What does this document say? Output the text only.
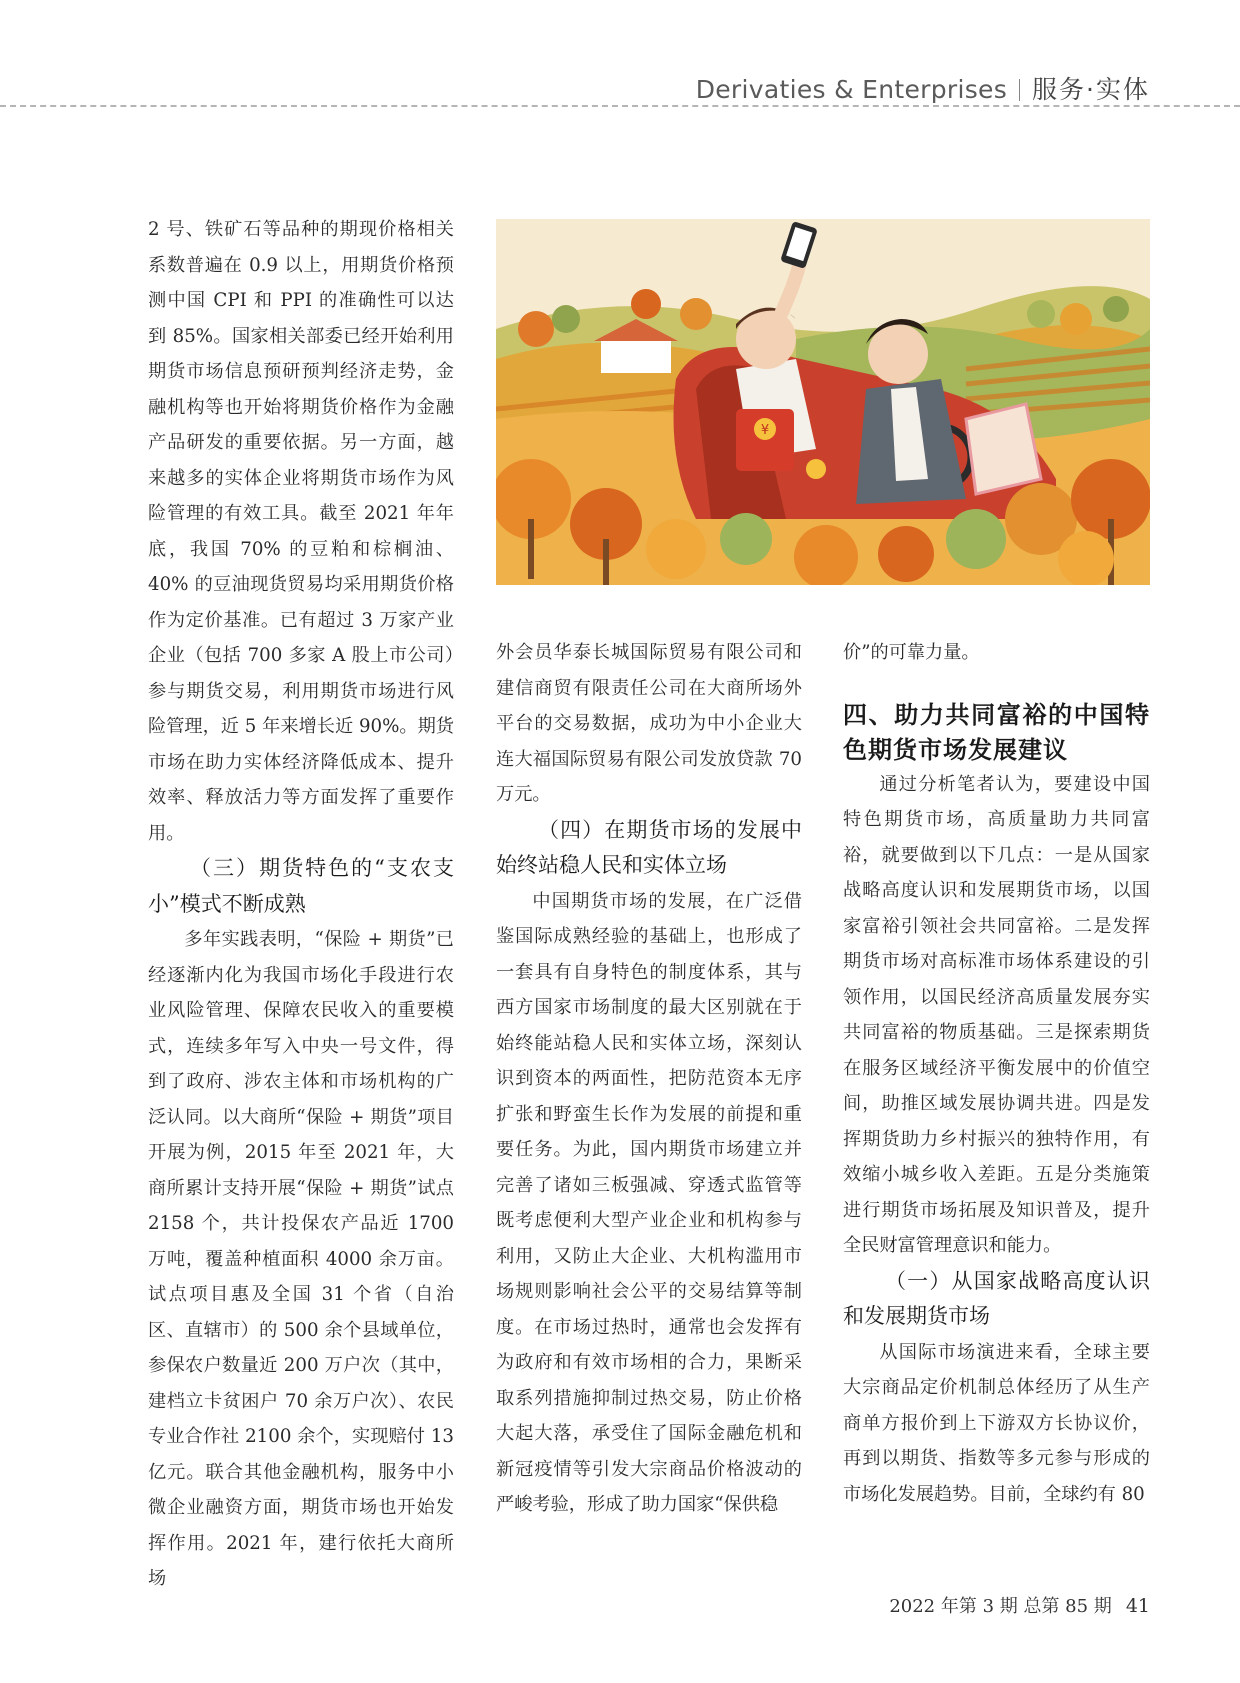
Derivaties & Enterprises 服务·实体

2 号、铁矿石等品种的期现价格相关系数普遍在 0.9 以上，用期货价格预测中国 CPI 和 PPI 的准确性可以达到 85%。国家相关部委已经开始利用期货市场信息预研预判经济走势，金融机构等也开始将期货价格作为金融产品研发的重要依据。另一方面，越来越多的实体企业将期货市场作为风险管理的有效工具。截至 2021 年年底，我国 70% 的豆粕和棕榈油、40% 的豆油现货贸易均采用期货价格作为定价基准。已有超过 3 万家产业企业（包括 700 多家 A 股上市公司）参与期货交易，利用期货市场进行风险管理，近 5 年来增长近 90%。期货市场在助力实体经济降低成本、提升效率、释放活力等方面发挥了重要作用。

（三）期货特色的“支农支小”模式不断成熟

多年实践表明，“保险 + 期货”已经逐渐内化为我国市场化手段进行农业风险管理、保障农民收入的重要模式，连续多年写入中央一号文件，得到了政府、涉农主体和市场机构的广泛认同。以大商所“保险 + 期货”项目开展为例，2015 年至 2021 年，大商所累计支持开展“保险 + 期货”试点 2158 个，共计投保农产品近 1700 万吨，覆盖种植面积 4000 余万亩。试点项目惠及全国 31 个省（自治区、直辖市）的 500 余个县域单位，参保农户数量近 200 万户次（其中，建档立卡贫困户 70 余万户次）、农民专业合作社 2100 余个，实现赔付 13 亿元。联合其他金融机构，服务中小微企业融资方面，期货市场也开始发挥作用。2021 年，建行依托大商所场

¥

外会员华泰长城国际贸易有限公司和建信商贸有限责任公司在大商所场外平台的交易数据，成功为中小企业大连大福国际贸易有限公司发放贷款 70 万元。

（四）在期货市场的发展中始终站稳人民和实体立场

中国期货市场的发展，在广泛借鉴国际成熟经验的基础上，也形成了一套具有自身特色的制度体系，其与西方国家市场制度的最大区别就在于始终能站稳人民和实体立场，深刻认识到资本的两面性，把防范资本无序扩张和野蛮生长作为发展的前提和重要任务。为此，国内期货市场建立并完善了诸如三板强减、穿透式监管等既考虑便利大型产业企业和机构参与利用，又防止大企业、大机构滥用市场规则影响社会公平的交易结算等制度。在市场过热时，通常也会发挥有为政府和有效市场相的合力，果断采取系列措施抑制过热交易，防止价格大起大落，承受住了国际金融危机和新冠疫情等引发大宗商品价格波动的严峻考验，形成了助力国家“保供稳

价”的可靠力量。

四、助力共同富裕的中国特色期货市场发展建议

通过分析笔者认为，要建设中国特色期货市场，高质量助力共同富裕，就要做到以下几点：一是从国家战略高度认识和发展期货市场，以国家富裕引领社会共同富裕。二是发挥期货市场对高标准市场体系建设的引领作用，以国民经济高质量发展夯实共同富裕的物质基础。三是探索期货在服务区域经济平衡发展中的价值空间，助推区域发展协调共进。四是发挥期货助力乡村振兴的独特作用，有效缩小城乡收入差距。五是分类施策进行期货市场拓展及知识普及，提升全民财富管理意识和能力。

（一）从国家战略高度认识和发展期货市场

从国际市场演进来看，全球主要大宗商品定价机制总体经历了从生产商单方报价到上下游双方长协议价，再到以期货、指数等多元参与形成的市场化发展趋势。目前，全球约有 80

2022 年第 3 期 总第 85 期 41
